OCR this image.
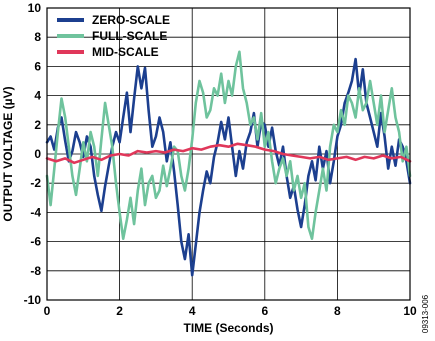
0	2	4	6	8	10
-10
-8
-6
-4
-2
0
2
4
6
8
10
ZERO-SCALE
FULL-SCALE
MID-SCALE
TIME (Seconds)
OUTPUT VOLTAGE (µV)
09313-006
